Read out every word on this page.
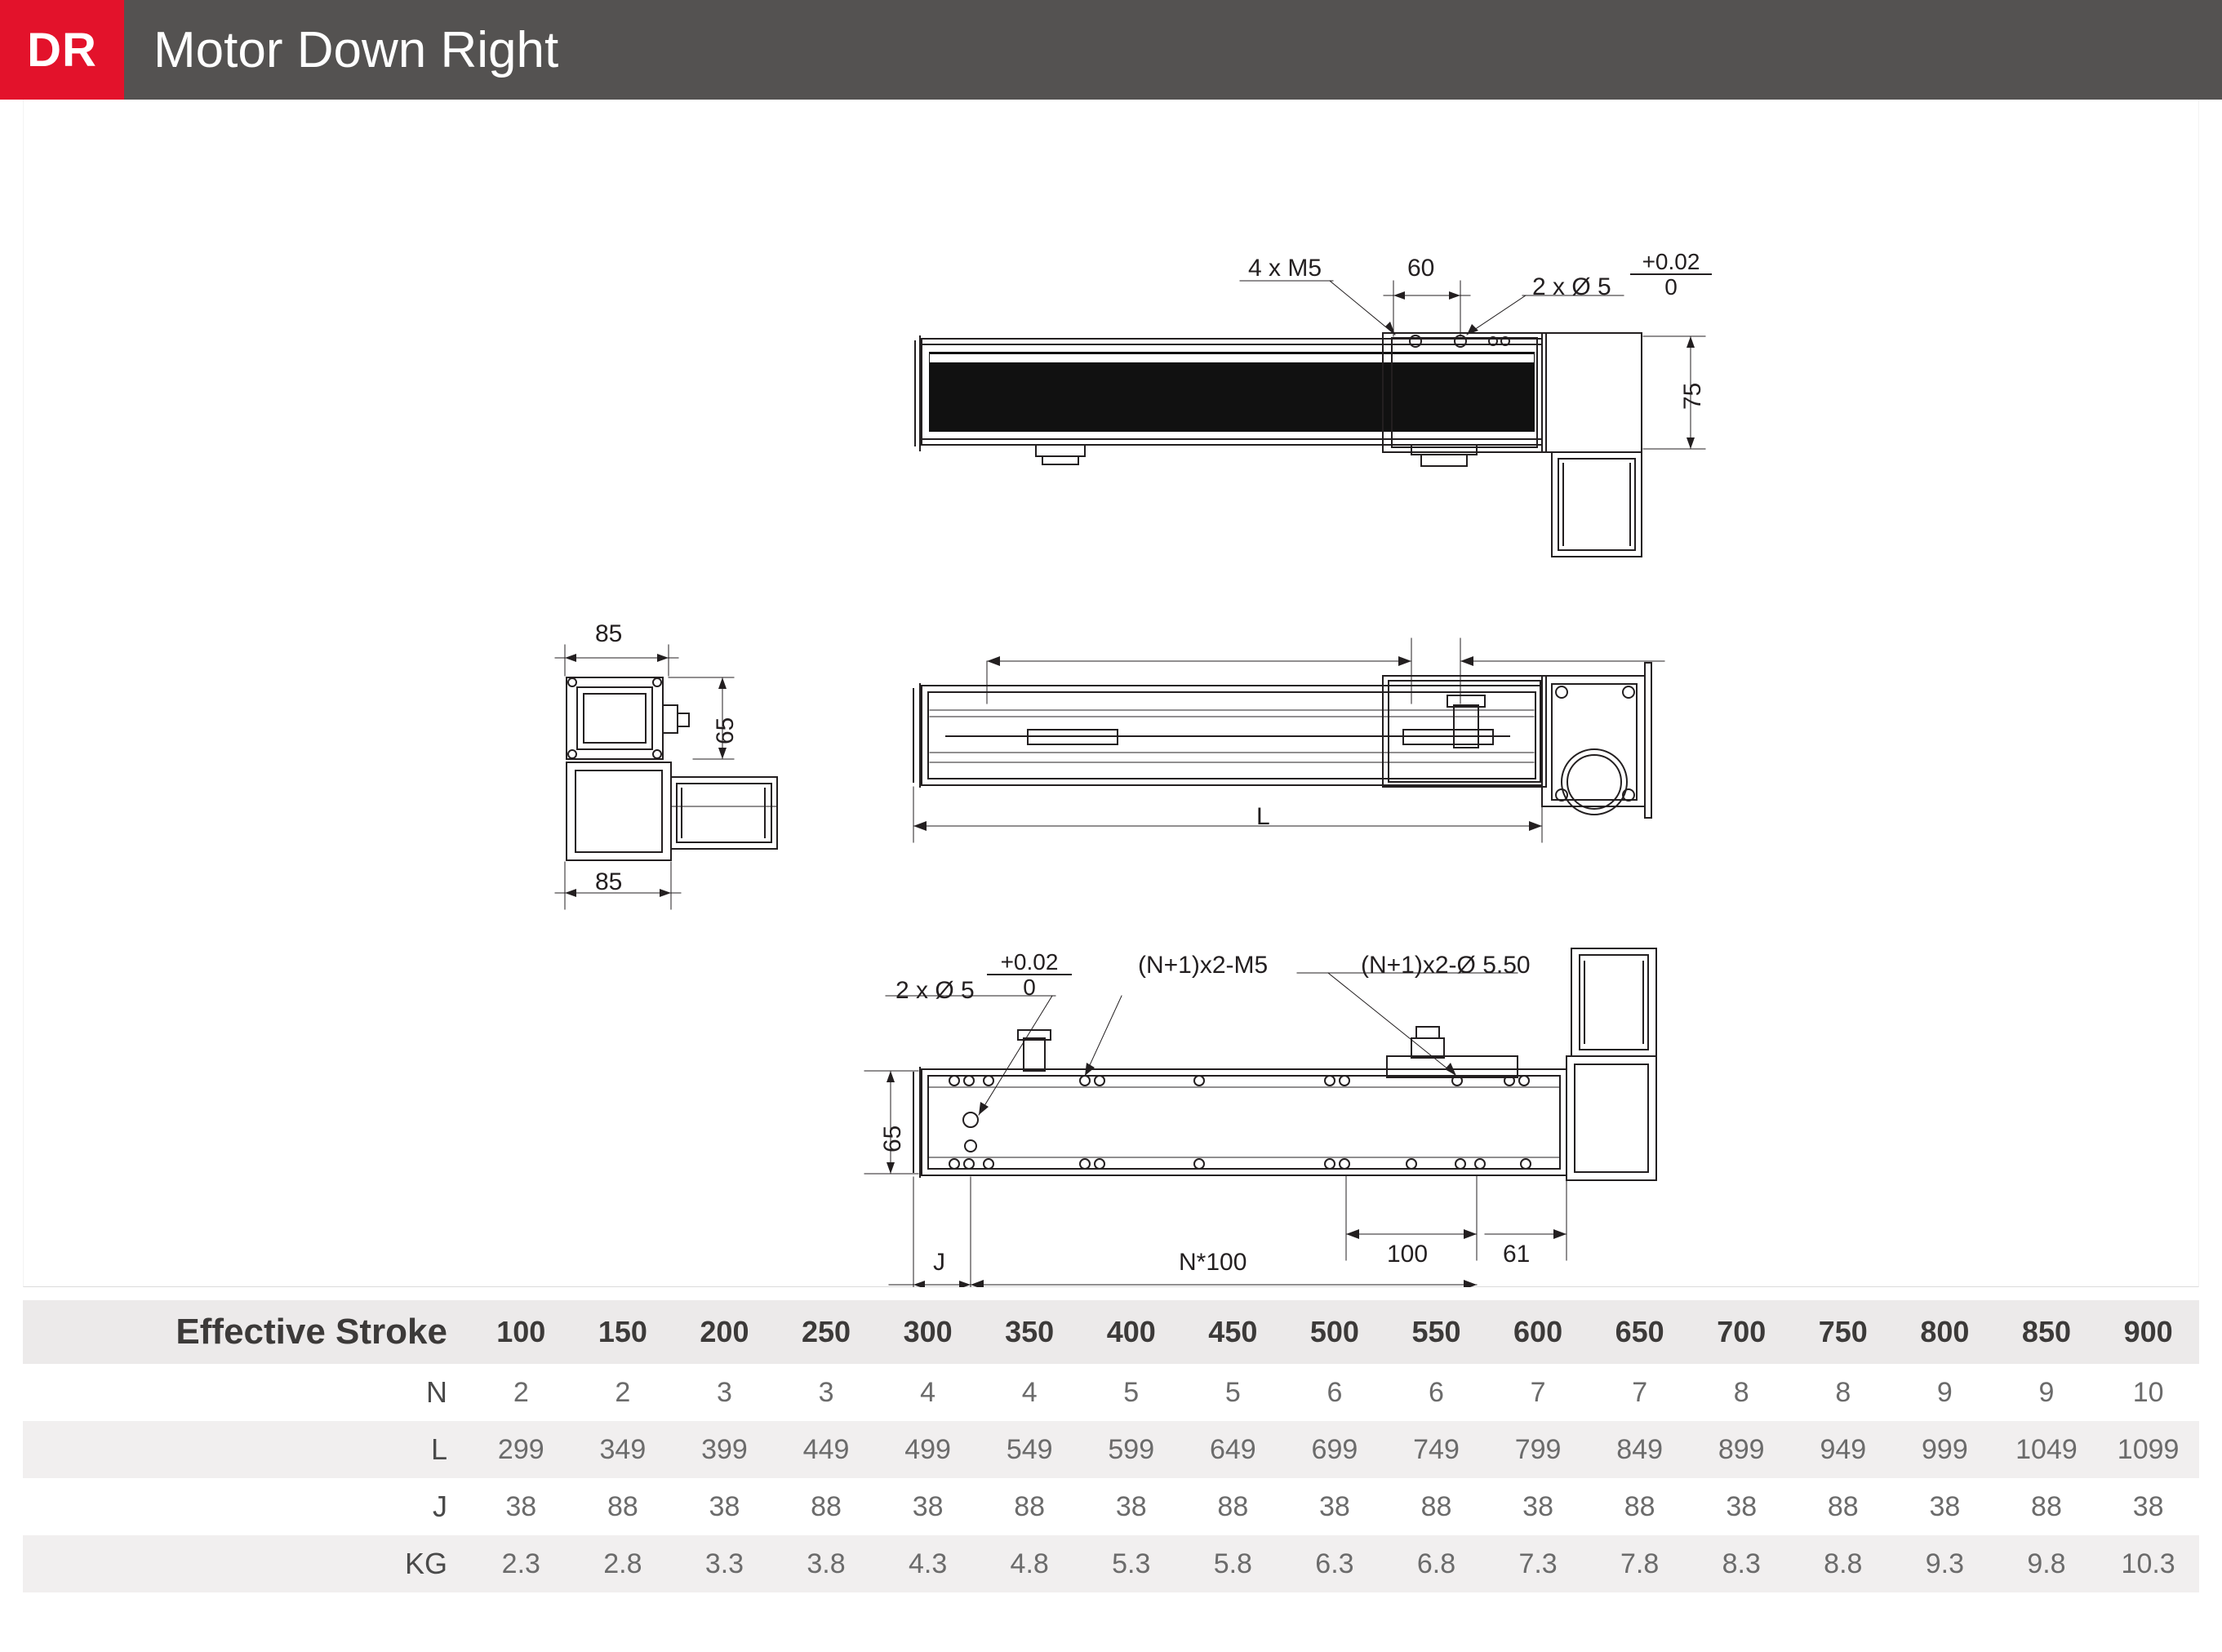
DR	Motor Down Right
4 x M5	60
2 x Ø $5 \frac{+0.02}{0}$
75
85
65
85
L
$\frac{+0.02}{0}$
2 x Ø 5
(N+1)x2-M5	(N+1)x2-Ø 5.50
65
J	N*100	100	61
Effective Stroke	100	150	200	250	300	350	400	450	500	550	600	650	700	750	800	850	900
N	2	2	3	3	4	4	5	5	6	6	7	7	8	8	9	9	10
L	299	349	399	449	499	549	599	649	699	749	799	849	899	949	999	1049	1099
J	38	88	38	88	38	88	38	88	38	88	38	88	38	88	38	88	38
KG	2.3	2.8	3.3	3.8	4.3	4.8	5.3	5.8	6.3	6.8	7.3	7.8	8.3	8.8	9.3	9.8	10.3
